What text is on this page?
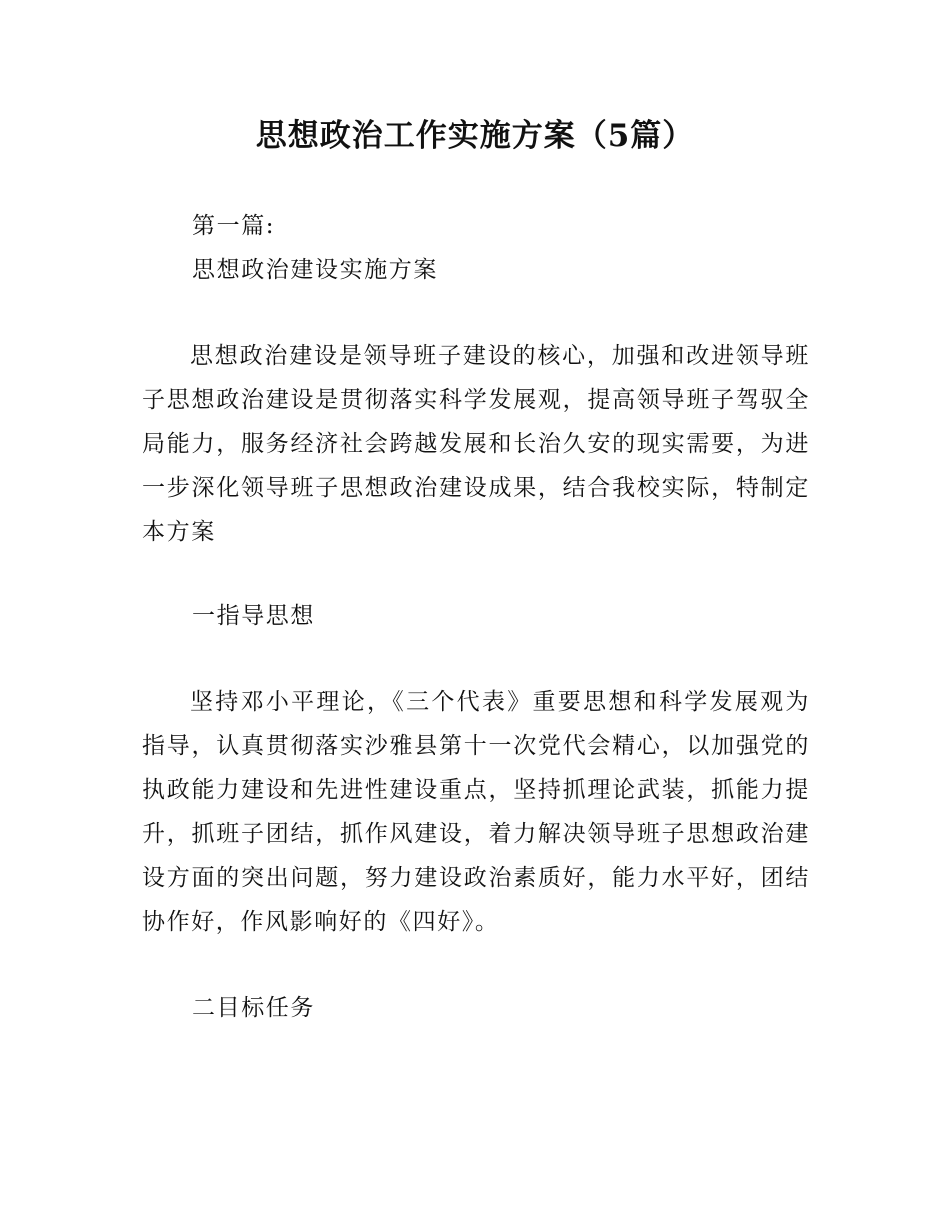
思想政治工作实施方案（5篇）

第一篇:

思想政治建设实施方案

思想政治建设是领导班子建设的核心，加强和改进领导班子思想政治建设是贯彻落实科学发展观，提高领导班子驾驭全局能力，服务经济社会跨越发展和长治久安的现实需要，为进一步深化领导班子思想政治建设成果，结合我校实际，特制定本方案

一指导思想

坚持邓小平理论，《三个代表》重要思想和科学发展观为指导，认真贯彻落实沙雅县第十一次党代会精心，以加强党的执政能力建设和先进性建设重点，坚持抓理论武装，抓能力提升，抓班子团结，抓作风建设，着力解决领导班子思想政治建设方面的突出问题，努力建设政治素质好，能力水平好，团结协作好，作风影响好的《四好》。

二目标任务
